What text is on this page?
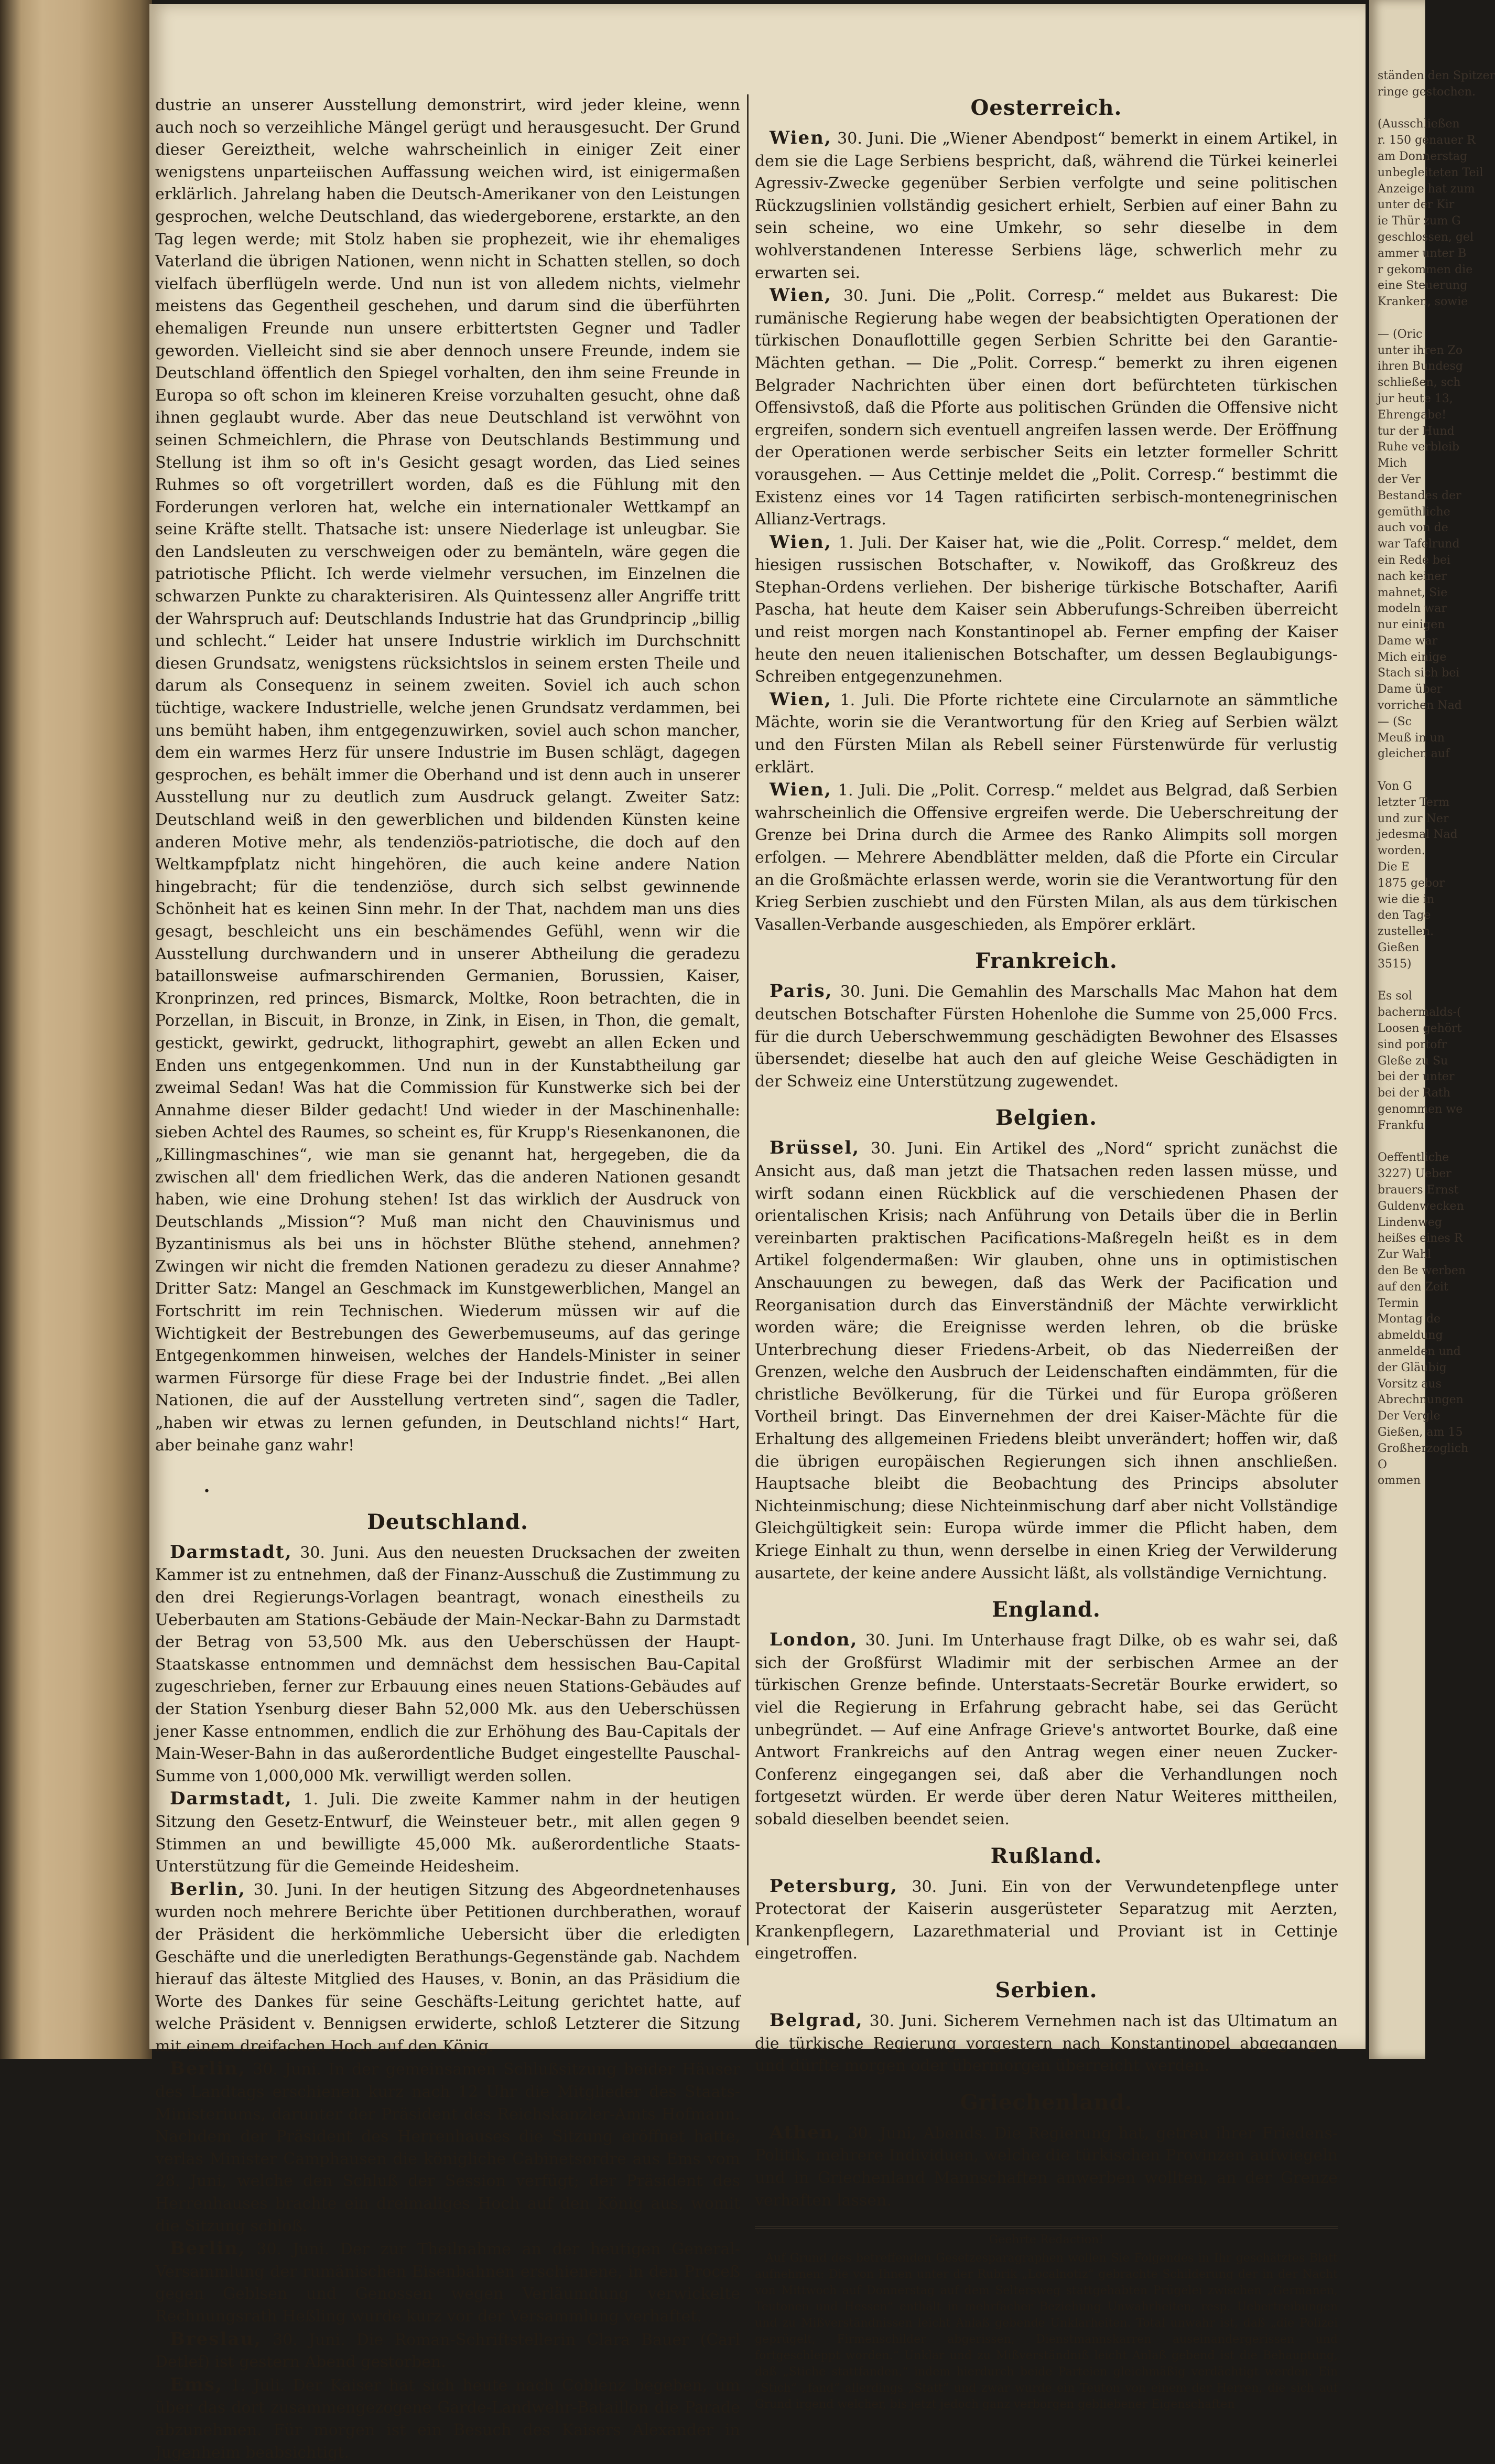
dustrie an unserer Ausstellung demonstrirt, wird jeder kleine, wenn auch noch so verzeihliche Mängel gerügt und herausgesucht. Der Grund dieser Gereiztheit, welche wahrscheinlich in einiger Zeit einer wenigstens unparteiischen Auffassung weichen wird, ist einigermaßen erklärlich. Jahrelang haben die Deutsch-Amerikaner von den Leistungen gesprochen, welche Deutschland, das wiedergeborene, erstarkte, an den Tag legen werde; mit Stolz haben sie prophezeit, wie ihr ehemaliges Vaterland die übrigen Nationen, wenn nicht in Schatten stellen, so doch vielfach überflügeln werde. Und nun ist von alledem nichts, vielmehr meistens das Gegentheil geschehen, und darum sind die überführten ehemaligen Freunde nun unsere erbittertsten Gegner und Tadler geworden. Vielleicht sind sie aber dennoch unsere Freunde, indem sie Deutschland öffentlich den Spiegel vorhalten, den ihm seine Freunde in Europa so oft schon im kleineren Kreise vorzuhalten gesucht, ohne daß ihnen geglaubt wurde. Aber das neue Deutschland ist verwöhnt von seinen Schmeichlern, die Phrase von Deutschlands Bestimmung und Stellung ist ihm so oft in's Gesicht gesagt worden, das Lied seines Ruhmes so oft vorgetrillert worden, daß es die Fühlung mit den Forderungen verloren hat, welche ein internationaler Wettkampf an seine Kräfte stellt. Thatsache ist: unsere Niederlage ist unleugbar. Sie den Landsleuten zu verschweigen oder zu bemänteln, wäre gegen die patriotische Pflicht. Ich werde vielmehr versuchen, im Einzelnen die schwarzen Punkte zu charakterisiren. Als Quintessenz aller Angriffe tritt der Wahrspruch auf: Deutschlands Industrie hat das Grundprincip „billig und schlecht.“ Leider hat unsere Industrie wirklich im Durchschnitt diesen Grundsatz, wenigstens rücksichtslos in seinem ersten Theile und darum als Consequenz in seinem zweiten. Soviel ich auch schon tüchtige, wackere Industrielle, welche jenen Grundsatz verdammen, bei uns bemüht haben, ihm entgegenzuwirken, soviel auch schon mancher, dem ein warmes Herz für unsere Industrie im Busen schlägt, dagegen gesprochen, es behält immer die Oberhand und ist denn auch in unserer Ausstellung nur zu deutlich zum Ausdruck gelangt. Zweiter Satz: Deutschland weiß in den gewerblichen und bildenden Künsten keine anderen Motive mehr, als tendenziös-patriotische, die doch auf den Weltkampfplatz nicht hingehören, die auch keine andere Nation hingebracht; für die tendenziöse, durch sich selbst gewinnende Schönheit hat es keinen Sinn mehr. In der That, nachdem man uns dies gesagt, beschleicht uns ein beschämendes Gefühl, wenn wir die Ausstellung durchwandern und in unserer Abtheilung die geradezu bataillonsweise aufmarschirenden Germanien, Borussien, Kaiser, Kronprinzen, red princes, Bismarck, Moltke, Roon betrachten, die in Porzellan, in Biscuit, in Bronze, in Zink, in Eisen, in Thon, die gemalt, gestickt, gewirkt, gedruckt, lithographirt, gewebt an allen Ecken und Enden uns entgegenkommen. Und nun in der Kunstabtheilung gar zweimal Sedan! Was hat die Commission für Kunstwerke sich bei der Annahme dieser Bilder gedacht! Und wieder in der Maschinenhalle: sieben Achtel des Raumes, so scheint es, für Krupp's Riesenkanonen, die „Killingmaschines“, wie man sie genannt hat, hergegeben, die da zwischen all' dem friedlichen Werk, das die anderen Nationen gesandt haben, wie eine Drohung stehen! Ist das wirklich der Ausdruck von Deutschlands „Mission“? Muß man nicht den Chauvinismus und Byzantinismus als bei uns in höchster Blüthe stehend, annehmen? Zwingen wir nicht die fremden Nationen geradezu zu dieser Annahme? Dritter Satz: Mangel an Geschmack im Kunstgewerblichen, Mangel an Fortschritt im rein Technischen. Wiederum müssen wir auf die Wichtigkeit der Bestrebungen des Gewerbemuseums, auf das geringe Entgegenkommen hinweisen, welches der Handels-Minister in seiner warmen Fürsorge für diese Frage bei der Industrie findet. „Bei allen Nationen, die auf der Ausstellung vertreten sind“, sagen die Tadler, „haben wir etwas zu lernen gefunden, in Deutschland nichts!“ Hart, aber beinahe ganz wahr!

•
Deutschland.

Darmstadt, 30. Juni. Aus den neuesten Drucksachen der zweiten Kammer ist zu entnehmen, daß der Finanz-Ausschuß die Zustimmung zu den drei Regierungs-Vorlagen beantragt, wonach einestheils zu Ueberbauten am Stations-Gebäude der Main-Neckar-Bahn zu Darmstadt der Betrag von 53,500 Mk. aus den Ueberschüssen der Haupt-Staatskasse entnommen und demnächst dem hessischen Bau-Capital zugeschrieben, ferner zur Erbauung eines neuen Stations-Gebäudes auf der Station Ysenburg dieser Bahn 52,000 Mk. aus den Ueberschüssen jener Kasse entnommen, endlich die zur Erhöhung des Bau-Capitals der Main-Weser-Bahn in das außerordentliche Budget eingestellte Pauschal-Summe von 1,000,000 Mk. verwilligt werden sollen.

Darmstadt, 1. Juli. Die zweite Kammer nahm in der heutigen Sitzung den Gesetz-Entwurf, die Weinsteuer betr., mit allen gegen 9 Stimmen an und bewilligte 45,000 Mk. außerordentliche Staats-Unterstützung für die Gemeinde Heidesheim.

Berlin, 30. Juni. In der heutigen Sitzung des Abgeordnetenhauses wurden noch mehrere Berichte über Petitionen durchberathen, worauf der Präsident die herkömmliche Uebersicht über die erledigten Geschäfte und die unerledigten Berathungs-Gegenstände gab. Nachdem hierauf das älteste Mitglied des Hauses, v. Bonin, an das Präsidium die Worte des Dankes für seine Geschäfts-Leitung gerichtet hatte, auf welche Präsident v. Bennigsen erwiderte, schloß Letzterer die Sitzung mit einem dreifachen Hoch auf den König.

Berlin, 30. Juni. In der gemeinsamen Schlußsitzung beider Häuser des Landtags erschienen kurz nach 12 Uhr die Mitglieder des Staats-Ministeriums, darunter der Präsident des Reichskanzler-Amts Hofmann. Nachdem der Präsident des Herrenhauses die Sitzung eröffnet hatte, verlas Minister Camphausen die königliche Cabinetsordre aus Ems vom 28. Juni, welche den Schluß der Session verfügt; der Präsident des Herrenhauses brachte ein dreimaliges Hoch auf den König aus, womit die Sitzung schloß.

Berlin, 30. Juni. Der zur Theilnahme an der heutigen General-Versammlung der rumänischen Eisenbahnen erschienene, in den Proceß gegen Geblsen und Genossen wegen Verläumdung verwickelte Rechnungsrath Heßling wurde kurz vor der Versammlung verhaftet.

Breslau, 30. Juni. Die Roman-Schriftstellerin Clara Bauer (Carl Detlef) ist gestern Abend gestorben.

Ems, 1. Juli. Der Kaiser hat sich heute nach Coblenz begeben, um über das dort zusammengezogene Garde-Landwehr-Bataillon die Parade abzunehmen. Für morgen ist ein Besuch des Kaisers Alexander in Jugenheim beabsichtigt.

Oesterreich.

Wien, 30. Juni. Die „Wiener Abendpost“ bemerkt in einem Artikel, in dem sie die Lage Serbiens bespricht, daß, während die Türkei keinerlei Agressiv-Zwecke gegenüber Serbien verfolgte und seine politischen Rückzugslinien vollständig gesichert erhielt, Serbien auf einer Bahn zu sein scheine, wo eine Umkehr, so sehr dieselbe in dem wohlverstandenen Interesse Serbiens läge, schwerlich mehr zu erwarten sei.

Wien, 30. Juni. Die „Polit. Corresp.“ meldet aus Bukarest: Die rumänische Regierung habe wegen der beabsichtigten Operationen der türkischen Donauflottille gegen Serbien Schritte bei den Garantie-Mächten gethan. — Die „Polit. Corresp.“ bemerkt zu ihren eigenen Belgrader Nachrichten über einen dort befürchteten türkischen Offensivstoß, daß die Pforte aus politischen Gründen die Offensive nicht ergreifen, sondern sich eventuell angreifen lassen werde. Der Eröffnung der Operationen werde serbischer Seits ein letzter formeller Schritt vorausgehen. — Aus Cettinje meldet die „Polit. Corresp.“ bestimmt die Existenz eines vor 14 Tagen ratificirten serbisch-montenegrinischen Allianz-Vertrags.

Wien, 1. Juli. Der Kaiser hat, wie die „Polit. Corresp.“ meldet, dem hiesigen russischen Botschafter, v. Nowikoff, das Großkreuz des Stephan-Ordens verliehen. Der bisherige türkische Botschafter, Aarifi Pascha, hat heute dem Kaiser sein Abberufungs-Schreiben überreicht und reist morgen nach Konstantinopel ab. Ferner empfing der Kaiser heute den neuen italienischen Botschafter, um dessen Beglaubigungs-Schreiben entgegenzunehmen.

Wien, 1. Juli. Die Pforte richtete eine Circularnote an sämmtliche Mächte, worin sie die Verantwortung für den Krieg auf Serbien wälzt und den Fürsten Milan als Rebell seiner Fürstenwürde für verlustig erklärt.

Wien, 1. Juli. Die „Polit. Corresp.“ meldet aus Belgrad, daß Serbien wahrscheinlich die Offensive ergreifen werde. Die Ueberschreitung der Grenze bei Drina durch die Armee des Ranko Alimpits soll morgen erfolgen. — Mehrere Abendblätter melden, daß die Pforte ein Circular an die Großmächte erlassen werde, worin sie die Verantwortung für den Krieg Serbien zuschiebt und den Fürsten Milan, als aus dem türkischen Vasallen-Verbande ausgeschieden, als Empörer erklärt.

Frankreich.

Paris, 30. Juni. Die Gemahlin des Marschalls Mac Mahon hat dem deutschen Botschafter Fürsten Hohenlohe die Summe von 25,000 Frcs. für die durch Ueberschwemmung geschädigten Bewohner des Elsasses übersendet; dieselbe hat auch den auf gleiche Weise Geschädigten in der Schweiz eine Unterstützung zugewendet.

Belgien.

Brüssel, 30. Juni. Ein Artikel des „Nord“ spricht zunächst die Ansicht aus, daß man jetzt die Thatsachen reden lassen müsse, und wirft sodann einen Rückblick auf die verschiedenen Phasen der orientalischen Krisis; nach Anführung von Details über die in Berlin vereinbarten praktischen Pacifications-Maßregeln heißt es in dem Artikel folgendermaßen: Wir glauben, ohne uns in optimistischen Anschauungen zu bewegen, daß das Werk der Pacification und Reorganisation durch das Einverständniß der Mächte verwirklicht worden wäre; die Ereignisse werden lehren, ob die brüske Unterbrechung dieser Friedens-Arbeit, ob das Niederreißen der Grenzen, welche den Ausbruch der Leidenschaften eindämmten, für die christliche Bevölkerung, für die Türkei und für Europa größeren Vortheil bringt. Das Einvernehmen der drei Kaiser-Mächte für die Erhaltung des allgemeinen Friedens bleibt unverändert; hoffen wir, daß die übrigen europäischen Regierungen sich ihnen anschließen. Hauptsache bleibt die Beobachtung des Princips absoluter Nichteinmischung; diese Nichteinmischung darf aber nicht Vollständige Gleichgültigkeit sein: Europa würde immer die Pflicht haben, dem Kriege Einhalt zu thun, wenn derselbe in einen Krieg der Verwilderung ausartete, der keine andere Aussicht läßt, als vollständige Vernichtung.

England.

London, 30. Juni. Im Unterhause fragt Dilke, ob es wahr sei, daß sich der Großfürst Wladimir mit der serbischen Armee an der türkischen Grenze befinde. Unterstaats-Secretär Bourke erwidert, so viel die Regierung in Erfahrung gebracht habe, sei das Gerücht unbegründet. — Auf eine Anfrage Grieve's antwortet Bourke, daß eine Antwort Frankreichs auf den Antrag wegen einer neuen Zucker-Conferenz eingegangen sei, daß aber die Verhandlungen noch fortgesetzt würden. Er werde über deren Natur Weiteres mittheilen, sobald dieselben beendet seien.

Rußland.

Petersburg, 30. Juni. Ein von der Verwundetenpflege unter Protectorat der Kaiserin ausgerüsteter Separatzug mit Aerzten, Krankenpflegern, Lazarethmaterial und Proviant ist in Cettinje eingetroffen.

Serbien.

Belgrad, 30. Juni. Sicherem Vernehmen nach ist das Ultimatum an die türkische Regierung vorgestern nach Konstantinopel abgegangen und dürfte morgen oder übermorgen überreicht werden.

Griechenland.

Athen, 30. Juni, Abends. Die Regierung hat, getreu ihrer Friedens-Politik, mehrere Individuen, welche die türkischen Provinzen aufwiegeln und in Griechenland Mannschaften anwerben wollten, an der Grenze verhaften lassen.

Geehrte Redaction!

Auf Grund des betreffenden Gesetzesparagraphen wollen Sie Folgendes in Ihr geschätztes Blatt aufnehmen: Die von Ihnen unter der Rubrik „Localnotiz“ gebrachte Schilderung der in der Nacht von Mittwoch auf Donnerstag auf dem Seltersweg stattgehabten Prügelei zwischen „Germanen, Teutonen und Hessen“ enthält in mehrfacher Beziehung Unwahrheiten, resp. Uebertreibungen und zu Mißverständnissen leicht Anlaß gebende Unklarheiten. Total unwahr ist, daß „die Polizei geprügelt, Firmenschilder abgerissen, Dienstmannskarren auseinandergerissen und fortgeschleppt worden.“ Unklar und zu Mißverständniß leicht Anlaß gebend ist die Behauptung, daß „Stiche stattfanden,“ indem hierdurch beide Parteien gleichmäßig verdächtigt werden. Ein „Stich“ „fand“ allerdings „Statt“ und zwar wurde ein Teuton von einem der Herren, die sich auf Grund irgend welcher, bis jetzt jedoch ganz verborgen gebliebener Eigenschaften

ständen den Spitzer
ringe gestochen.

(Ausschließen
r. 150 genauer R
am Donnerstag
unbegleiteten Teil
Anzeige hat zum
unter der Kir
ie Thür zum G
geschlossen, gel
ammer unter B
r gekommen die
eine Steuerung
Kranken, sowie

— (Oric
unter ihren Zo
ihren Bundesg
schließen, sch
jur heute 13,
Ehrengabe!
tur der Hund
Ruhe verbleib
Mich
der Ver
Bestandes der
gemüthliche
auch von de
war Tafelrund
ein Rede bei
nach keiner
mahnet, Sie
modeln war
nur einigen
Dame war
Mich einige
Stach sich bei
Dame über
vorrichen Nad
— (Sc
Meuß in un
gleichen auf

Von G
letzter Term
und zur Ner
jedesmal Nad
worden.
Die E
1875 gebor
wie die in
den Tage
zustellen.
Gießen
3515)

Es sol
bachermalds-(
Loosen gehört
sind portofr
Gleße zu Su
bei der unter
bei der Rath
genommen we
Frankfu

Oeffentliche
3227) Ueber
brauers Ernst
Guldenwecken
Lindenweg
heißes eines R
Zur Wahl
den Be werben
auf den Zeit
Termin
Montag de
abmeldung
anmelden und
der Gläubig
Vorsitz aus
Abrechnungen
Der Vergle
Gießen, am 15
Großherzoglich
O
ommen
